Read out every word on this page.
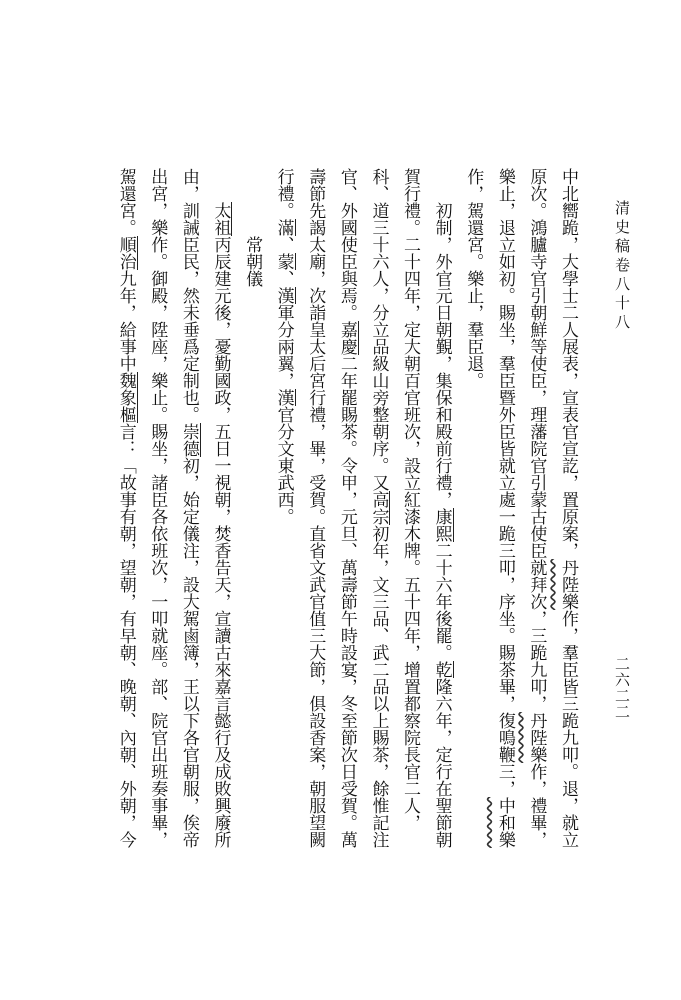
清史稿卷八十八
二六二二

中北嚮跪，大學士二人展表，宣表官宣訖，置原案，丹陛樂作，羣臣皆三跪九叩。退，就立原次。鴻臚寺官引朝鮮等使臣，理藩院官引蒙古使臣就拜次，三跪九叩，丹陛樂作，禮畢，樂止，退立如初。賜坐，羣臣暨外臣皆就立處一跪三叩，序坐。賜茶畢，復鳴鞭三，中和樂作，駕還宮。樂止，羣臣退。

初制，外官元日朝覲，集保和殿前行禮，康熙二十六年後罷。乾隆六年，定行在聖節朝賀行禮。二十四年，定大朝百官班次，設立紅漆木牌。五十四年，增置都察院長官二人，科、道三十六人，分立品級山旁整朝序。又高宗初年，文三品、武二品以上賜茶，餘惟記注官、外國使臣與焉。嘉慶二年罷賜茶。令甲，元旦、萬壽節午時設宴，冬至節次日受賀。萬壽節先謁太廟，次詣皇太后宮行禮，畢，受賀。直省文武官值三大節，俱設香案，朝服望闕行禮。滿、蒙、漢軍分兩翼，漢官分文東武西。

常朝儀

太祖丙辰建元後，憂勤國政，五日一視朝，焚香告天，宣讀古來嘉言懿行及成敗興廢所由，訓誡臣民，然未垂爲定制也。崇德初，始定儀注，設大駕鹵簿，王以下各官朝服，俟帝出宮，樂作。御殿，陞座，樂止。賜坐，諸臣各依班次，一叩就座。部、院官出班奏事畢，駕還宮。順治九年，給事中魏象樞言：「故事有朝，望朝，有早朝、晚朝、內朝、外朝，今
